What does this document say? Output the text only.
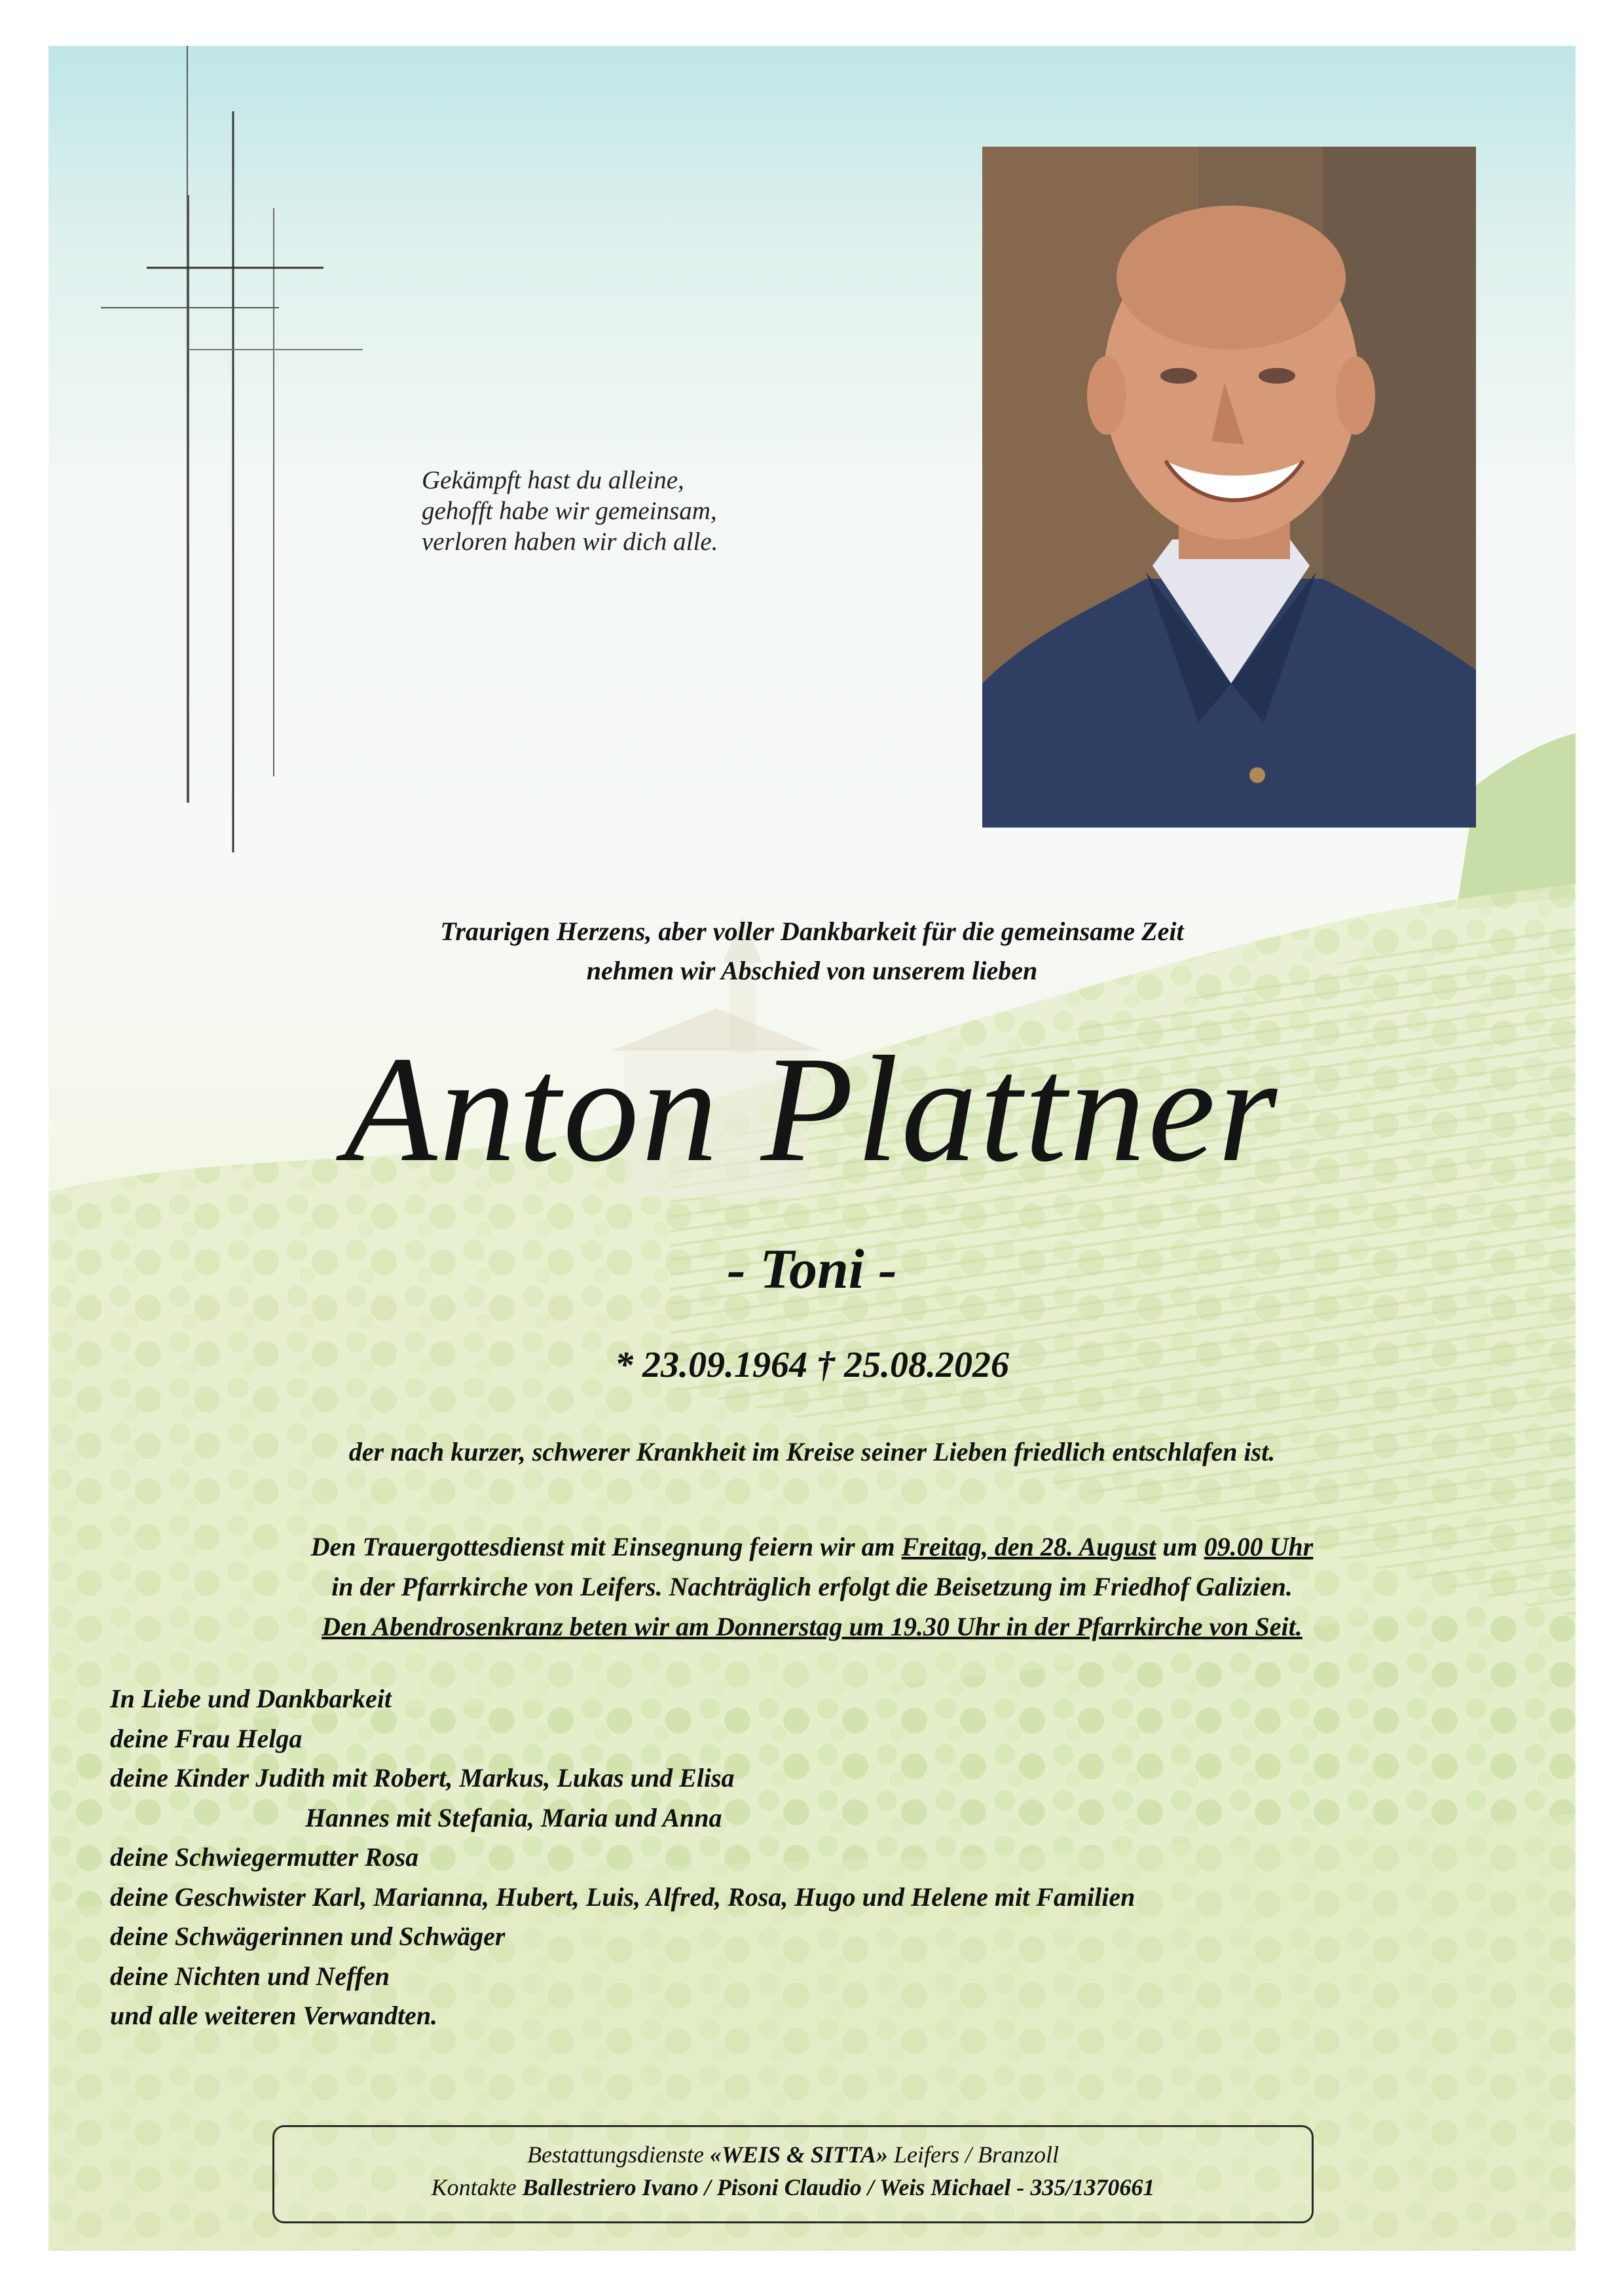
Gekämpft hast du alleine,
gehofft habe wir gemeinsam,
verloren haben wir dich alle.
Traurigen Herzens, aber voller Dankbarkeit für die gemeinsame Zeit
nehmen wir Abschied von unserem lieben
Anton Plattner
- Toni -
* 23.09.1964 † 25.08.2026
der nach kurzer, schwerer Krankheit im Kreise seiner Lieben friedlich entschlafen ist.
Den Trauergottesdienst mit Einsegnung feiern wir am Freitag, den 28. August um 09.00 Uhr
in der Pfarrkirche von Leifers. Nachträglich erfolgt die Beisetzung im Friedhof Galizien.
Den Abendrosenkranz beten wir am Donnerstag um 19.30 Uhr in der Pfarrkirche von Seit.
In Liebe und Dankbarkeit
deine Frau Helga
deine Kinder Judith mit Robert, Markus, Lukas und Elisa
Hannes mit Stefania, Maria und Anna
deine Schwiegermutter Rosa
deine Geschwister Karl, Marianna, Hubert, Luis, Alfred, Rosa, Hugo und Helene mit Familien
deine Schwägerinnen und Schwäger
deine Nichten und Neffen
und alle weiteren Verwandten.
Bestattungsdienste «WEIS & SITTA» Leifers / Branzoll
Kontakte Ballestriero Ivano / Pisoni Claudio / Weis Michael - 335/1370661
